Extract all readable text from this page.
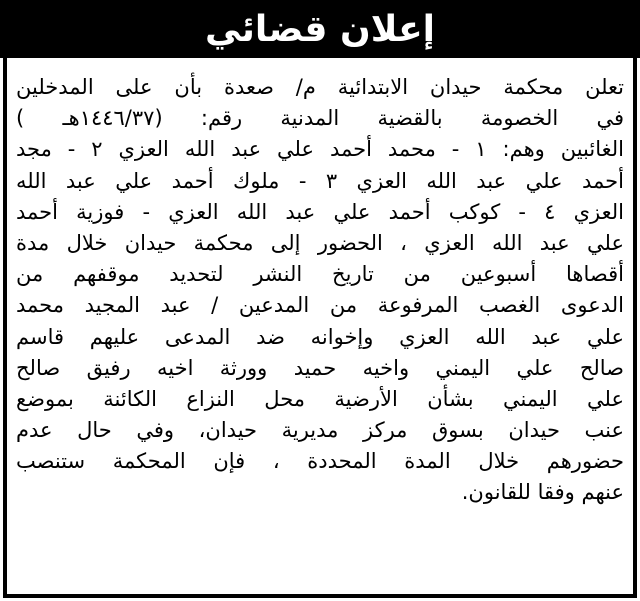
إعلان قضائي
تعلن محكمة حيدان الابتدائية م/ صعدة بأن على المدخلين
في الخصومة بالقضية المدنية رقم: (١٤٤٦/٣٧هـ )
الغائبين وهم: ١ - محمد أحمد علي عبد الله العزي ٢ - مجد
أحمد علي عبد الله العزي ٣ - ملوك أحمد علي عبد الله
العزي ٤ - كوكب أحمد علي عبد الله العزي - فوزية أحمد
علي عبد الله العزي ، الحضور إلى محكمة حيدان خلال مدة
أقصاها أسبوعين من تاريخ النشر لتحديد موقفهم من
الدعوى الغصب المرفوعة من المدعين / عبد المجيد محمد
علي عبد الله العزي وإخوانه ضد المدعى عليهم قاسم
صالح علي اليمني واخيه حميد وورثة اخيه رفيق صالح
علي اليمني بشأن الأرضية محل النزاع الكائنة بموضع
عنب حيدان بسوق مركز مديرية حيدان، وفي حال عدم
حضورهم خلال المدة المحددة ، فإن المحكمة ستنصب
عنهم وفقا للقانون.
